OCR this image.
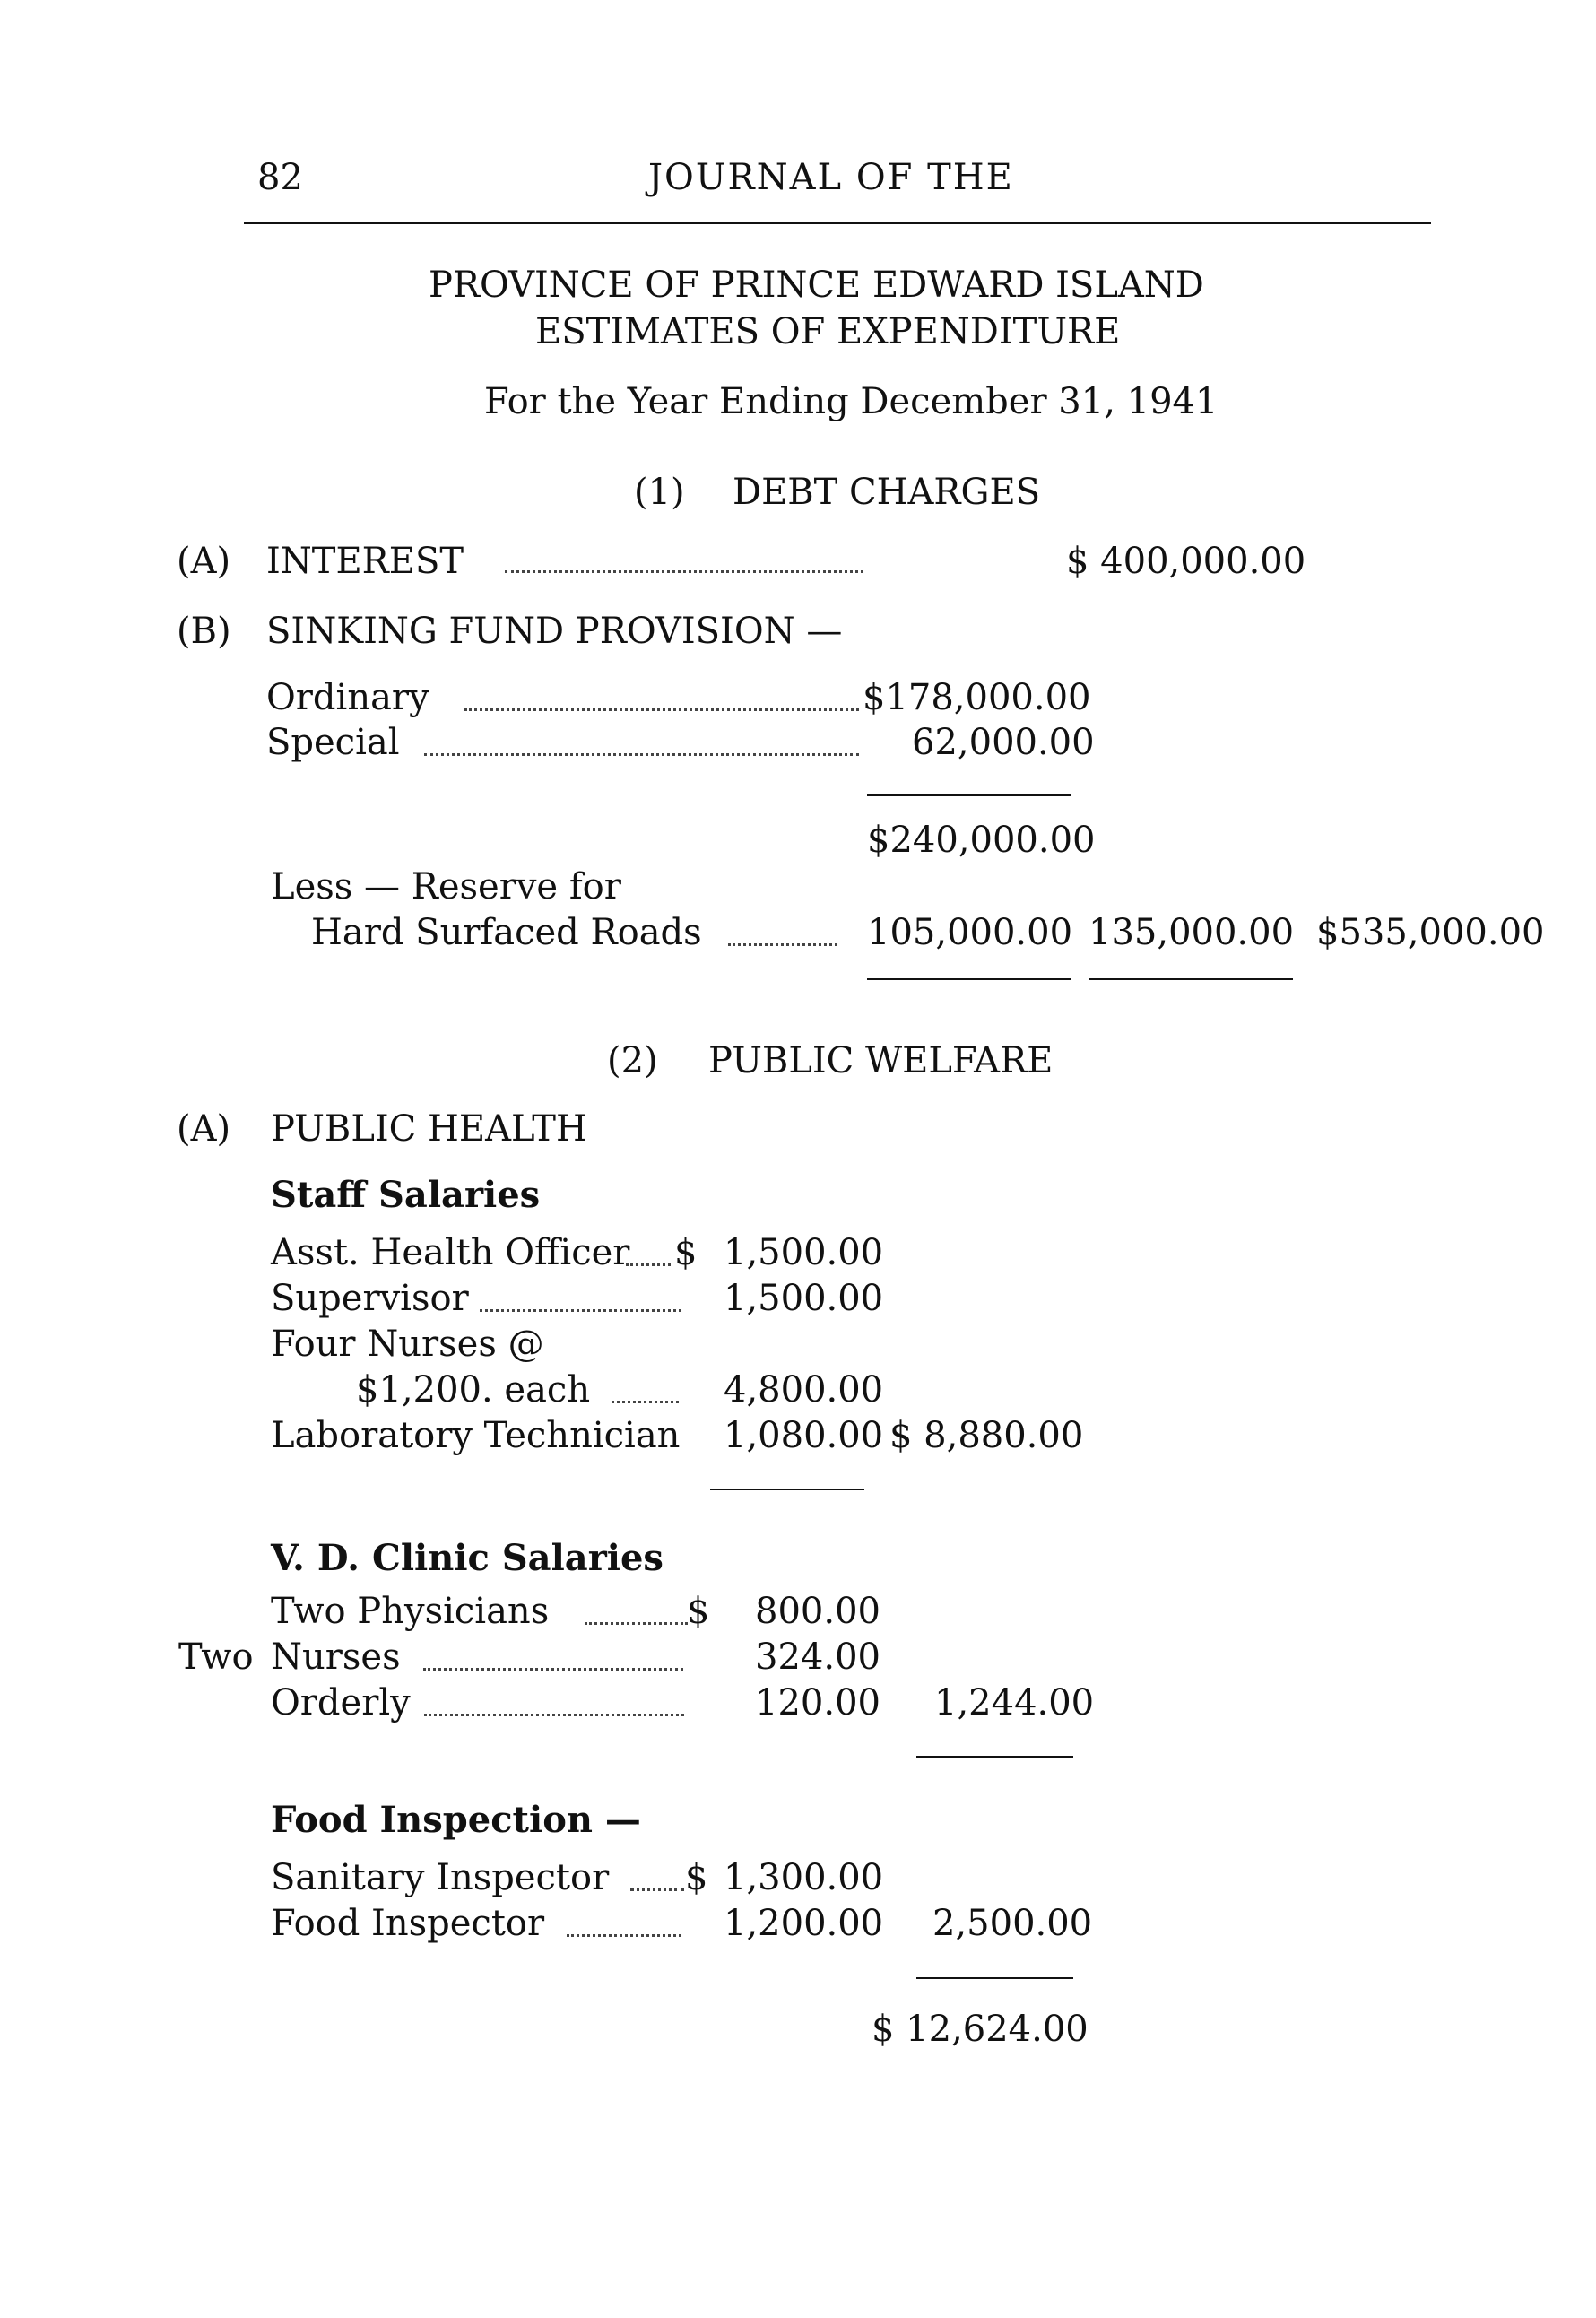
82	JOURNAL OF THE
PROVINCE OF PRINCE EDWARD ISLAND
ESTIMATES OF EXPENDITURE
For the Year Ending December 31, 1941
(1) DEBT CHARGES
(A) INTEREST	$ 400,000.00
(B) SINKING FUND PROVISION —
Ordinary	$178,000.00
Special	62,000.00
$240,000.00
Less — Reserve for
Hard Surfaced Roads	105,000.00 135,000.00 $535,000.00
(2) PUBLIC WELFARE
(A) PUBLIC HEALTH
Staff Salaries
Asst. Health Officer $ 1,500.00
Supervisor	1,500.00
Four Nurses @
$1,200. each	4,800.00
Laboratory Technician 1,080.00 $ 8,880.00
V. D. Clinic Salaries
Two Physicians	$ 800.00
Two Nurses	324.00
Orderly	120.00 1,244.00
Food Inspection —
Sanitary Inspector $ 1,300.00
Food Inspector	1,200.00 2,500.00
$ 12,624.00
